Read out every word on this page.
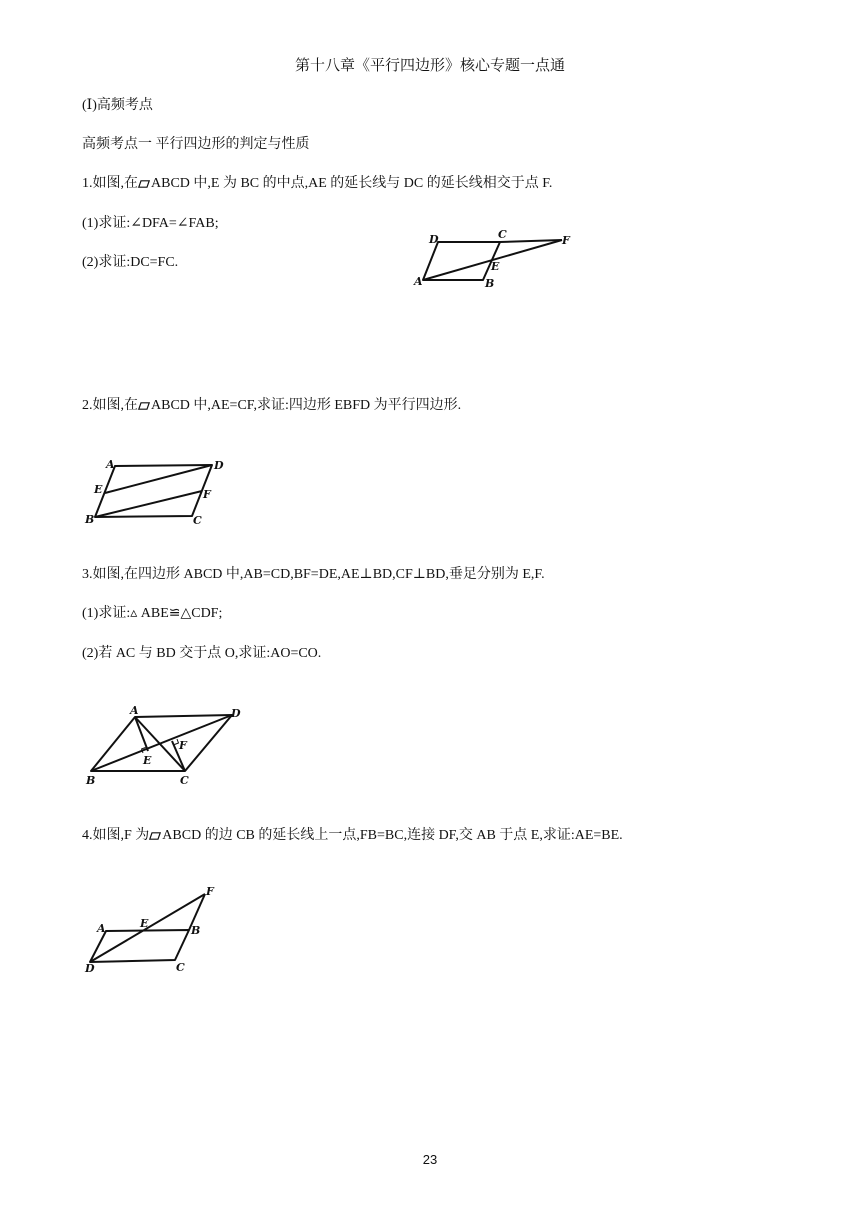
第十八章《平行四边形》核心专题一点通
(Ⅰ)高频考点
高频考点一 平行四边形的判定与性质
1.如图,在 ABCD 中,E 为 BC 的中点,AE 的延长线与 DC 的延长线相交于点 F.
(1)求证:∠DFA=∠FAB;
(2)求证:DC=FC.
D	C	F
E
A	B
2.如图,在 ABCD 中,AE=CF,求证:四边形 EBFD 为平行四边形.
A	D
E	F
B	C
3.如图,在四边形 ABCD 中,AB=CD,BF=DE,AE⊥BD,CF⊥BD,垂足分别为 E,F.
(1)求证:▵ ABE≌△CDF;
(2)若 AC 与 BD 交于点 O,求证:AO=CO.
A	D
F
E
B	C
4.如图,F 为 ABCD 的边 CB 的延长线上一点,FB=BC,连接 DF,交 AB 于点 E,求证:AE=BE.
F
E
A	B
D	C
23
